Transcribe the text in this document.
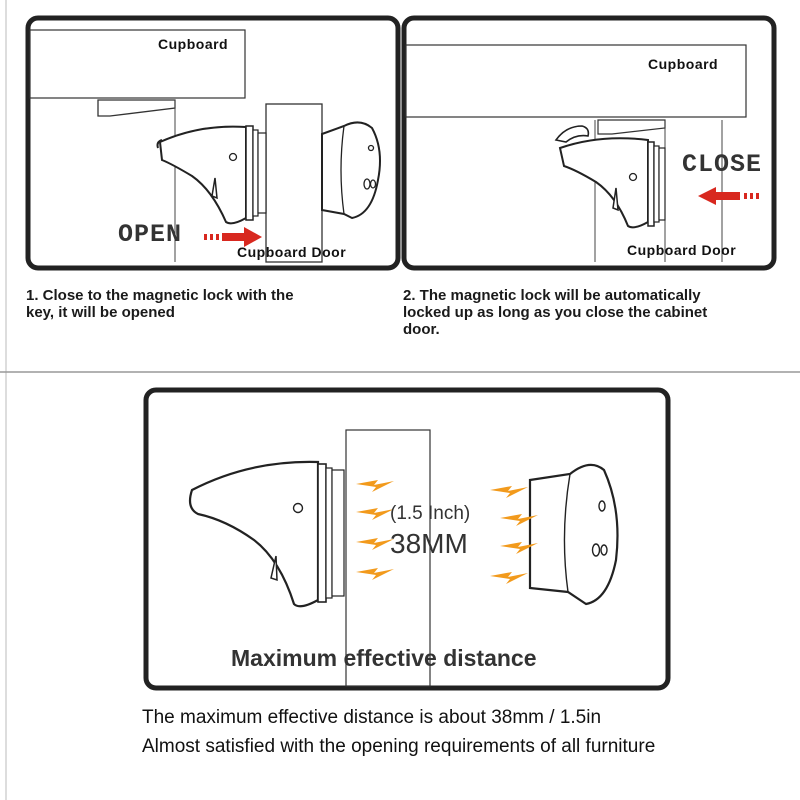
Cupboard
Cupboard Door
OPEN
Cupboard
Cupboard Door
CLOSE
1. Close to the magnetic lock with the
key, it will be opened
2. The magnetic lock will be automatically
locked up as long as you close the cabinet
door.
(1.5 Inch)
38MM
Maximum effective distance
The maximum effective distance is about 38mm / 1.5in
Almost satisfied with the opening requirements of all furniture
